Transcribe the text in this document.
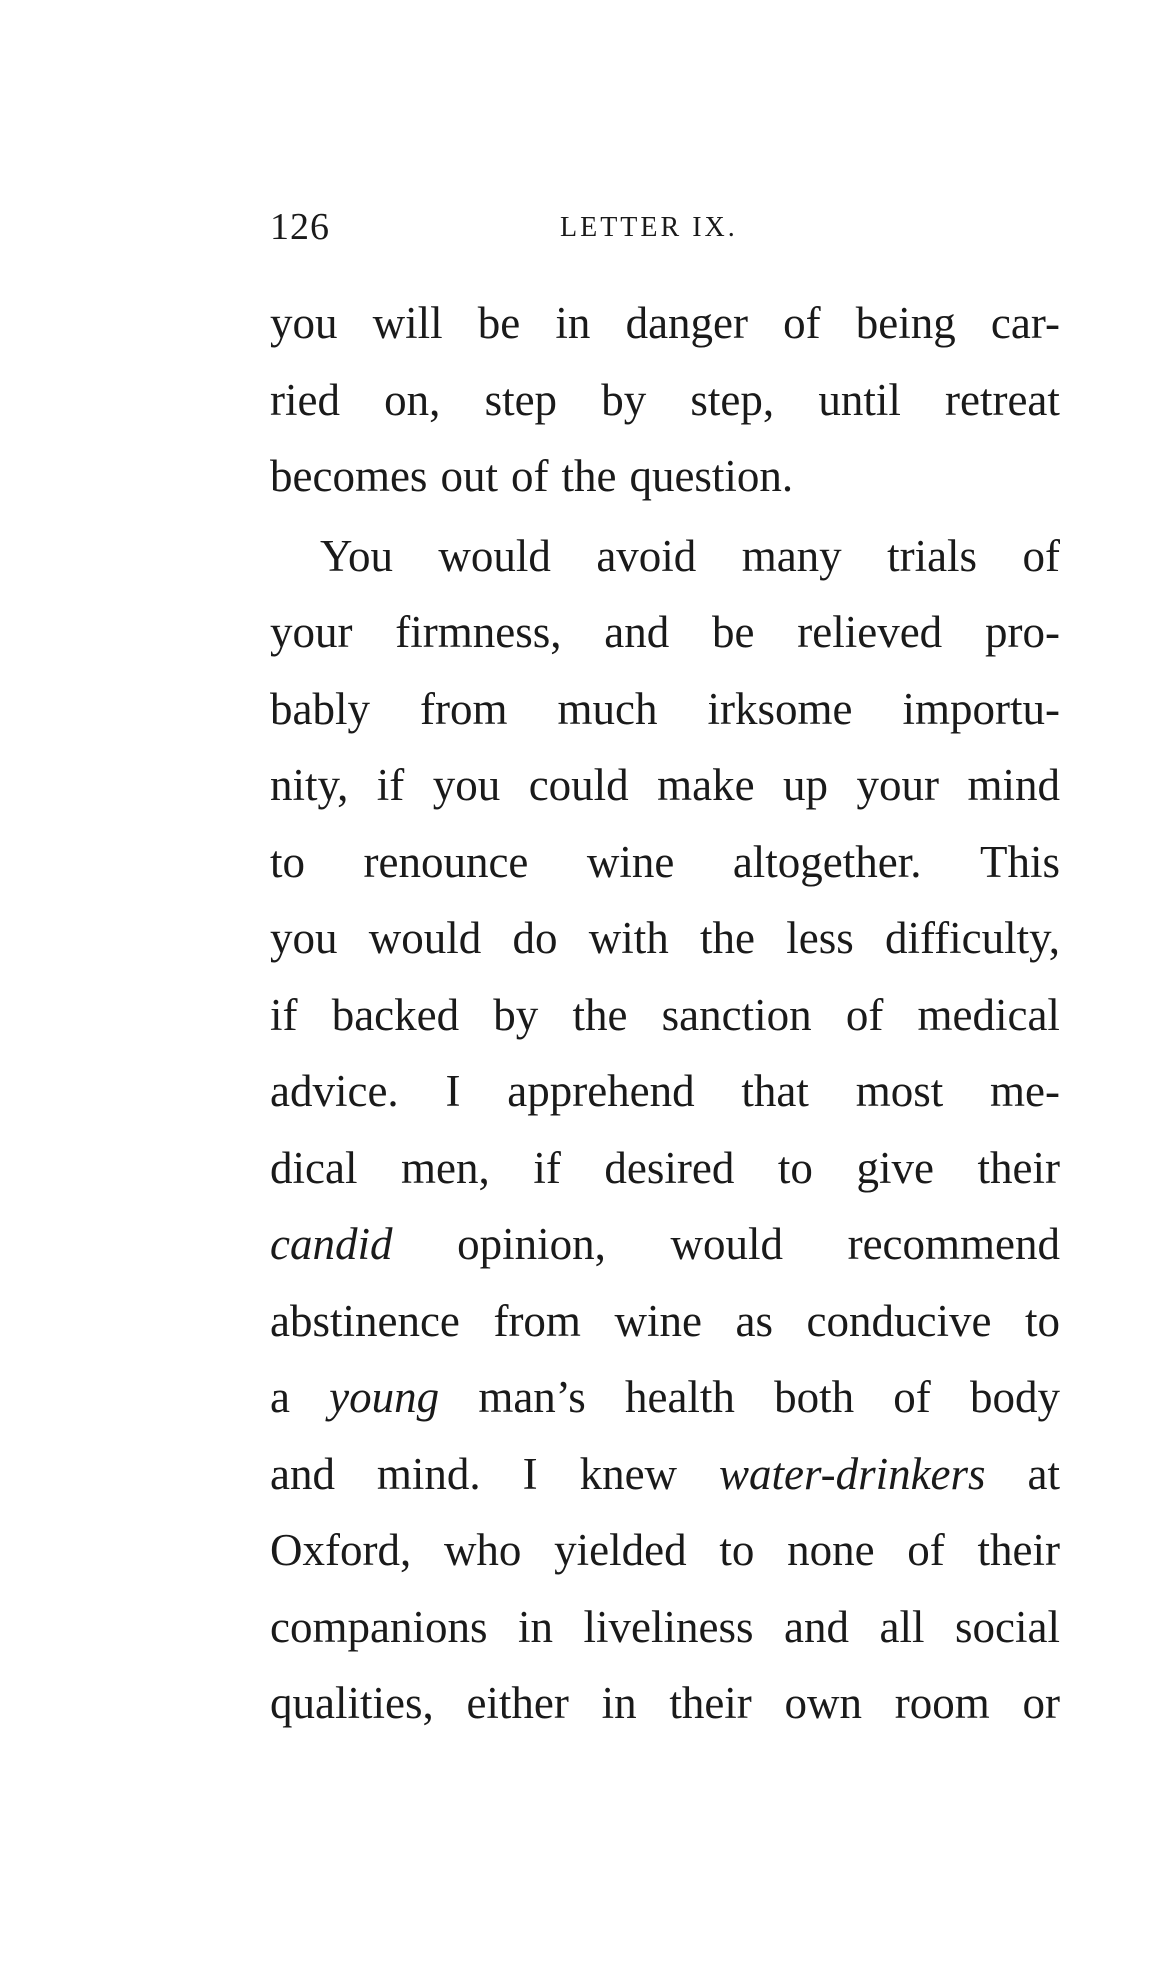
126	LETTER IX.
you will be in danger of being car-
ried on, step by step, until retreat
becomes out of the question.
You would avoid many trials of
your firmness, and be relieved pro-
bably from much irksome importu-
nity, if you could make up your mind
to renounce wine altogether. This
you would do with the less difficulty,
if backed by the sanction of medical
advice. I apprehend that most me-
dical men, if desired to give their
candid opinion, would recommend
abstinence from wine as conducive to
a young man’s health both of body
and mind. I knew water-drinkers at
Oxford, who yielded to none of their
companions in liveliness and all social
qualities, either in their own room or
